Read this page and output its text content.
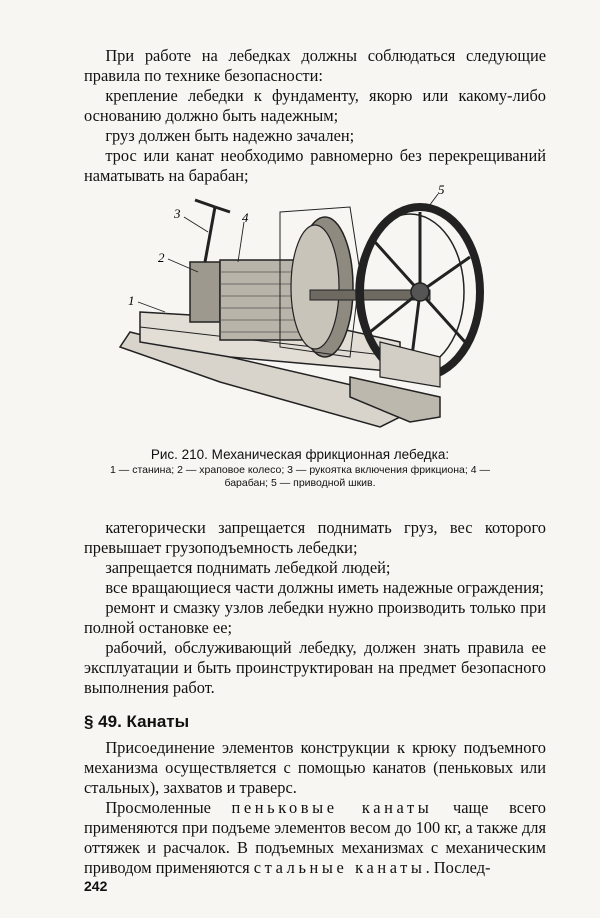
При работе на лебедках должны соблюдаться следующие правила по технике безопасности:

крепление лебедки к фундаменту, якорю или какому-либо основанию должно быть надежным;

груз должен быть надежно зачален;

трос или канат необходимо равномерно без перекрещиваний наматывать на барабан;

1
2
3	4
5
Рис. 210. Механическая фрикционная лебедка:
1 — станина; 2 — храповое колесо; 3 — рукоятка включения фрикциона; 4 — барабан; 5 — приводной шкив.

категорически запрещается поднимать груз, вес которого превышает грузоподъемность лебедки;

запрещается поднимать лебедкой людей;

все вращающиеся части должны иметь надежные ограждения;

ремонт и смазку узлов лебедки нужно производить только при полной остановке ее;

рабочий, обслуживающий лебедку, должен знать правила ее эксплуатации и быть проинструктирован на предмет безопасного выполнения работ.

§ 49. Канаты

Присоединение элементов конструкции к крюку подъемного механизма осуществляется с помощью канатов (пеньковых или стальных), захватов и траверс.

Просмоленные пеньковые канаты чаще всего применяются при подъеме элементов весом до 100 кг, а также для оттяжек и расчалок. В подъемных механизмах с механическим приводом применяются стальные канаты. Послед-

242
